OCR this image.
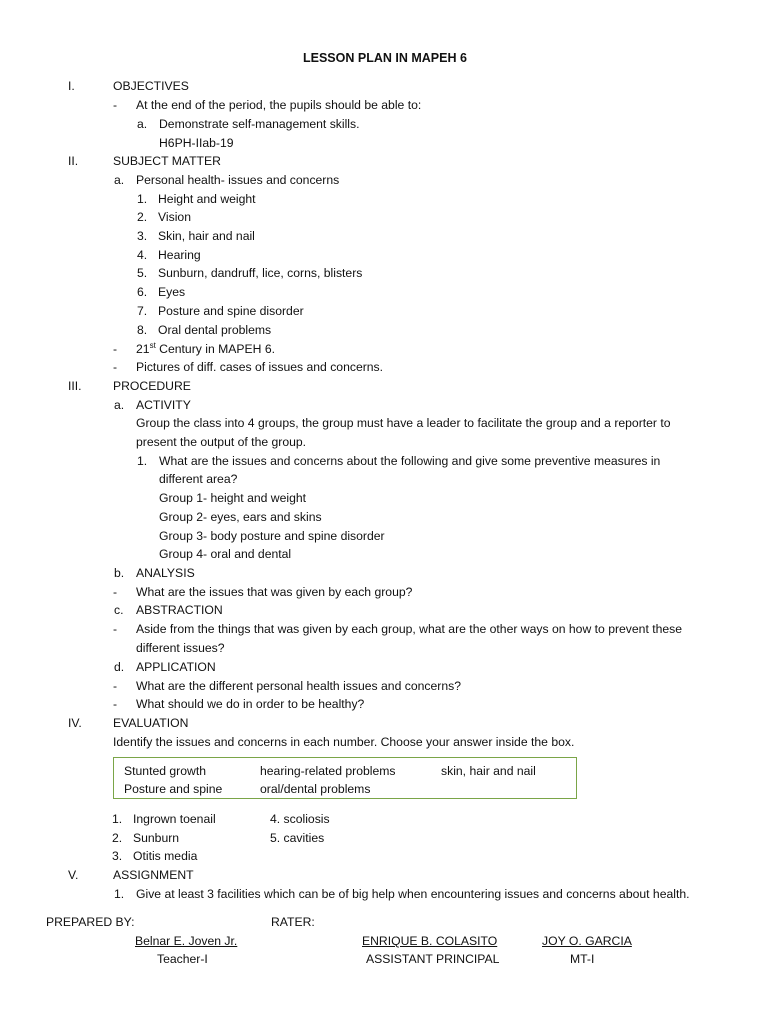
LESSON PLAN IN MAPEH 6
I.	OBJECTIVES
- At the end of the period, the pupils should be able to:
a. Demonstrate self-management skills.
H6PH-IIab-19
II.	SUBJECT MATTER
a. Personal health- issues and concerns
1. Height and weight
2. Vision
3. Skin, hair and nail
4. Hearing
5. Sunburn, dandruff, lice, corns, blisters
6. Eyes
7. Posture and spine disorder
8. Oral dental problems
- 21st Century in MAPEH 6.
- Pictures of diff. cases of issues and concerns.
III.	PROCEDURE
a. ACTIVITY
Group the class into 4 groups, the group must have a leader to facilitate the group and a reporter to
present the output of the group.
1. What are the issues and concerns about the following and give some preventive measures in
different area?
Group 1- height and weight
Group 2- eyes, ears and skins
Group 3- body posture and spine disorder
Group 4- oral and dental
b. ANALYSIS
- What are the issues that was given by each group?
c. ABSTRACTION
- Aside from the things that was given by each group, what are the other ways on how to prevent these
different issues?
d. APPLICATION
- What are the different personal health issues and concerns?
- What should we do in order to be healthy?
IV.	EVALUATION
Identify the issues and concerns in each number. Choose your answer inside the box.
Stunted growth	hearing-related problems	skin, hair and nail
Posture and spine	oral/dental problems
1. Ingrown toenail
2. Sunburn
3. Otitis media
4. scoliosis
5. cavities
V.	ASSIGNMENT
1. Give at least 3 facilities which can be of big help when encountering issues and concerns about health.
PREPARED BY:	RATER:
Belnar E. Joven Jr.
Teacher-I
ENRIQUE B. COLASITO
ASSISTANT PRINCIPAL
JOY O. GARCIA
MT-I
